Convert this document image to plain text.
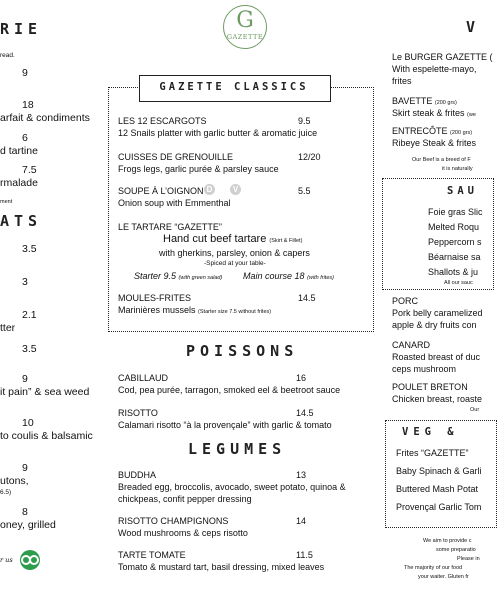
RIE
read.
9
18
arfait & condiments
6
d tartine
7.5
rmalade
ment
ATS
3.5
3
2.1
tter
3.5
9
it pain” & sea weed
10
to coulis & balsamic
9
utons,
6.5)
8
oney, grilled
r us
G
GAZETTE
GAZETTE CLASSICS
LES 12 ESCARGOTS	9.5
12 Snails platter with garlic butter & aromatic juice
CUISSES DE GRENOUILLE	12/20
Frogs legs, garlic purée & parsley sauce
SOUPE À L’OIGNON D	V	5.5
Onion soup with Emmenthal
LE TARTARE “GAZETTE”
Hand cut beef tartare (Skirt & Fillet)
with gherkins, parsley, onion & capers
-Spiced at your table-
Starter 9.5 (with green salad) Main course 18 (with frites)
MOULES-FRITES	14.5
Marinières mussels (Starter size 7.5 without frites)
POISSONS
CABILLAUD	16
Cod, pea purée, tarragon, smoked eel & beetroot sauce
RISOTTO	14.5
Calamari risotto “à la provençale” with garlic & tomato
LEGUMES
BUDDHA	13
Breaded egg, broccolis, avocado, sweet potato, quinoa &
chickpeas, confit pepper dressing
RISOTTO CHAMPIGNONS	14
Wood mushrooms & ceps risotto
TARTE TOMATE	11.5
Tomato & mustard tart, basil dressing, mixed leaves
V
Le BURGER GAZETTE (
With espelette-mayo,
frites
BAVETTE (200 grs)
Skirt steak & frites (we
ENTRECÔTE (200 grs)
Ribeye Steak & frites
Our Beef is a breed of F
it is naturally
SAU
Foie gras Slic
Melted Roqu
Peppercorn s
Béarnaise sa
Shallots & ju
All our sauc
PORC
Pork belly caramelized
apple & dry fruits con
CANARD
Roasted breast of duc
ceps mushroom
POULET BRETON
Chicken breast, roaste
Our
VEG &
Frites “GAZETTE”
Baby Spinach & Garli
Buttered Mash Potat
Provençal Garlic Tom
We aim to provide c
some preparatio
Please in
The majority of our food
your waiter. Gluten fr
